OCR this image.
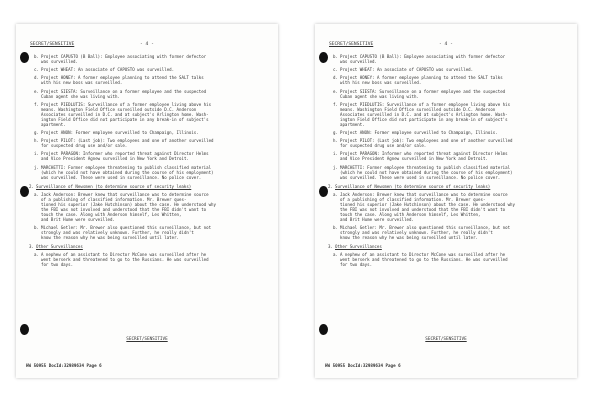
SECRET/SENSITIVE	- 4 -
b. Project CAPUSTO (B Ball): Employee associating with former defector
was surveilled.
c. Project WHEAT: An associate of CAPUSTO was surveilled.
d. Project HONEY: A former employee planning to attend the SALT talks
with his new boss was surveilled.
e. Project SIESTA: Surveillance on a former employee and the suspected
Cuban agent she was living with.
f. Project PIEDLUTIS: Surveillance of a former employee living above his
means. Washington Field Office surveilled outside D.C. Anderson
Associates surveilled in D.C. and at subject's Arlington home. Wash-
ington Field Office did not participate in any break-in of subject's
apartment.
g. Project ANON: Former employee surveilled to Champaign, Illinois.
h. Project PILOT: (Last job): Two employees and one of another surveilled
for suspected drug use and/or sale.
i. Project PARAGON: Informer who reported threat against Director Helms
and Vice President Agnew surveilled in New York and Detroit.
j. MARCHETTI: Former employee threatening to publish classified material
(which he could not have obtained during the course of his employment)
was surveilled. These were used in surveillance. No police cover.
2. Surveillance of Newsmen (to determine source of security leaks)
a. Jack Anderson: Brewer knew that surveillance was to determine source
of a publishing of classified information. Mr. Brewer ques-
tioned his superior (Jake Hutchinson) about the case. He understood why
the FBI was not involved and understood that the FBI didn't want to
touch the case. Along with Anderson himself, Les Whitten,
and Brit Hume were surveilled.
b. Michael Getler: Mr. Brewer also questioned this surveillance, but not
strongly and was relatively unknown. Further, he really didn't
know the reason why he was being surveilled until later.
3. Other Surveillances
a. A nephew of an assistant to Director McCone was surveilled after he
went berserk and threatened to go to the Russians. He was surveilled
for two days.
SECRET/SENSITIVE
HW 50955 DocId:32989634 Page 6
SECRET/SENSITIVE	- 4 -
b. Project CAPUSTO (B Ball): Employee associating with former defector
was surveilled.
c. Project WHEAT: An associate of CAPUSTO was surveilled.
d. Project HONEY: A former employee planning to attend the SALT talks
with his new boss was surveilled.
e. Project SIESTA: Surveillance on a former employee and the suspected
Cuban agent she was living with.
f. Project PIEDLUTIS: Surveillance of a former employee living above his
means. Washington Field Office surveilled outside D.C. Anderson
Associates surveilled in D.C. and at subject's Arlington home. Wash-
ington Field Office did not participate in any break-in of subject's
apartment.
g. Project ANON: Former employee surveilled to Champaign, Illinois.
h. Project PILOT: (Last job): Two employees and one of another surveilled
for suspected drug use and/or sale.
i. Project PARAGON: Informer who reported threat against Director Helms
and Vice President Agnew surveilled in New York and Detroit.
j. MARCHETTI: Former employee threatening to publish classified material
(which he could not have obtained during the course of his employment)
was surveilled. These were used in surveillance. No police cover.
2. Surveillance of Newsmen (to determine source of security leaks)
a. Jack Anderson: Brewer knew that surveillance was to determine source
of a publishing of classified information. Mr. Brewer ques-
tioned his superior (Jake Hutchinson) about the case. He understood why
the FBI was not involved and understood that the FBI didn't want to
touch the case. Along with Anderson himself, Les Whitten,
and Brit Hume were surveilled.
b. Michael Getler: Mr. Brewer also questioned this surveillance, but not
strongly and was relatively unknown. Further, he really didn't
know the reason why he was being surveilled until later.
3. Other Surveillances
a. A nephew of an assistant to Director McCone was surveilled after he
went berserk and threatened to go to the Russians. He was surveilled
for two days.
SECRET/SENSITIVE
HW 50955 DocId:32989634 Page 6
